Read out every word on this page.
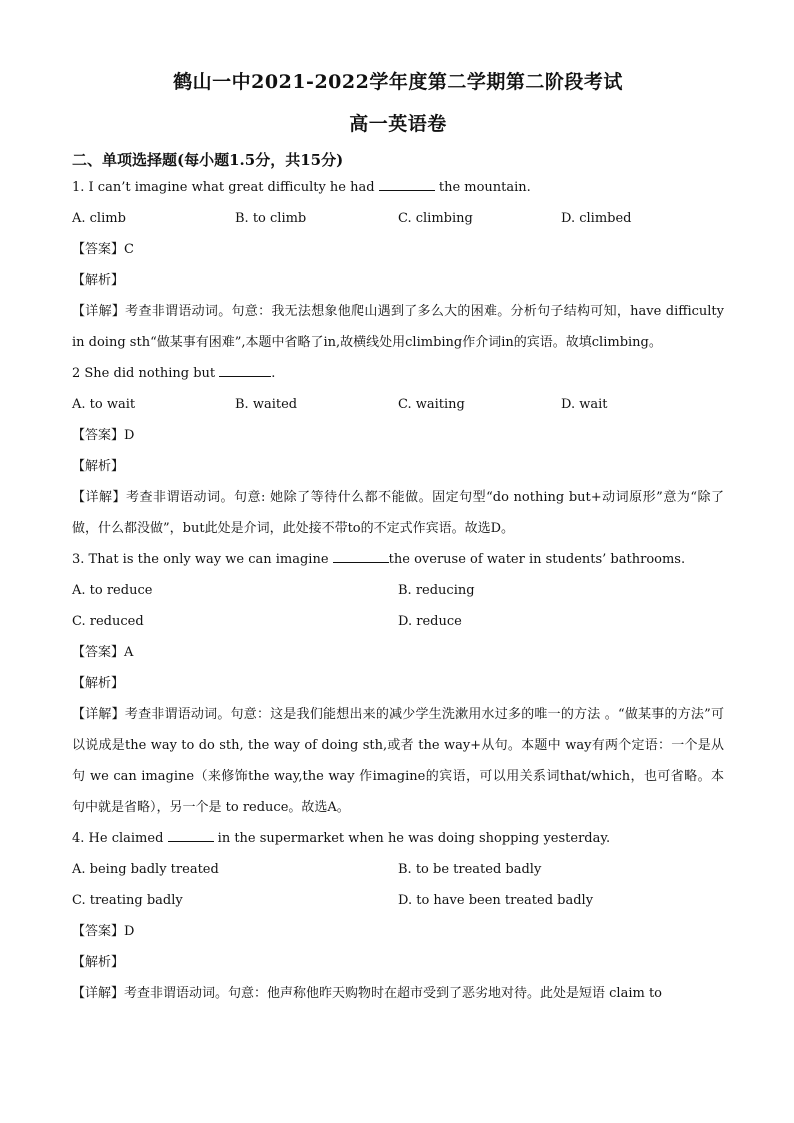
鹤山一中2021-2022学年度第二学期第二阶段考试
高一英语卷
二、单项选择题(每小题1.5分，共15分)
1. I can’t imagine what great difficulty he had	the mountain.
A. climb	B. to climb	C. climbing	D. climbed
【答案】C
【解析】
【详解】考查非谓语动词。句意：我无法想象他爬山遇到了多么大的困难。分析句子结构可知，have difficulty in doing sth“做某事有困难”,本题中省略了in,故横线处用climbing作介词in的宾语。故填climbing。
2 She did nothing but	.
A. to wait	B. waited	C. waiting	D. wait
【答案】D
【解析】
【详解】考查非谓语动词。句意: 她除了等待什么都不能做。固定句型“do nothing but+动词原形”意为“除了做，什么都没做”，but此处是介词，此处接不带to的不定式作宾语。故选D。
3. That is the only way we can imagine	the overuse of water in students’ bathrooms.
A. to reduce	B. reducing
C. reduced	D. reduce
【答案】A
【解析】
【详解】考查非谓语动词。句意：这是我们能想出来的减少学生洗漱用水过多的唯一的方法 。“做某事的方法”可以说成是the way to do sth, the way of doing sth,或者 the way+从句。本题中 way有两个定语：一个是从句 we can imagine（来修饰the way,the way 作imagine的宾语，可以用关系词that/which，也可省略。本句中就是省略），另一个是 to reduce。故选A。
4. He claimed	in the supermarket when he was doing shopping yesterday.
A. being badly treated	B. to be treated badly
C. treating badly	D. to have been treated badly
【答案】D
【解析】
【详解】考查非谓语动词。句意：他声称他昨天购物时在超市受到了恶劣地对待。此处是短语 claim to
